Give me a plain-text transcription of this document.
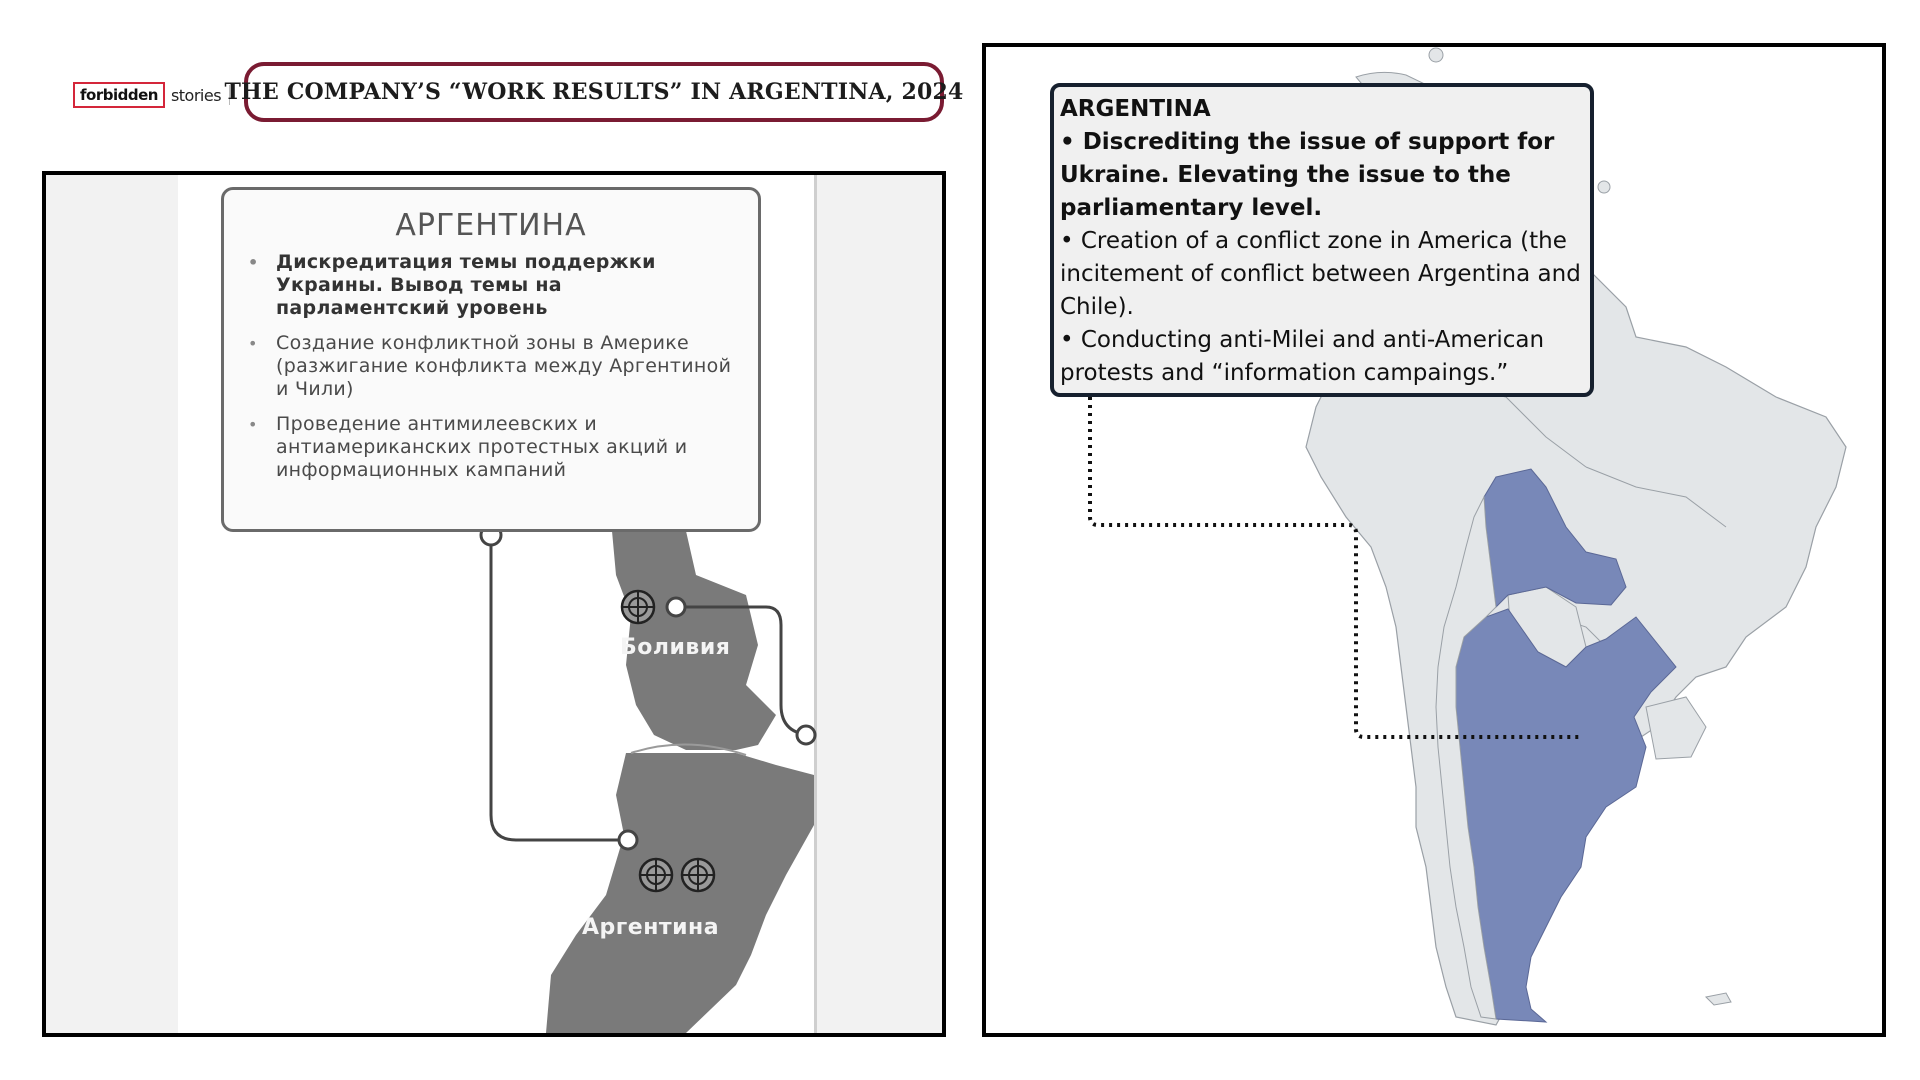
forbidden stories THE COMPANY’S “WORK RESULTS” IN ARGENTINA, 2024
АРГЕНТИНА
• Дискредитация темы поддержки Украины. Вывод темы на парламентский уровень
• Создание конфликтной зоны в Америке (разжигание конфликта между Аргентиной и Чили)
• Проведение антимилеевских и антиамериканских протестных акций и информационных кампаний
Боливия
Аргентина
ARGENTINA
• Discrediting the issue of support for Ukraine. Elevating the issue to the parliamentary level.
• Creation of a conflict zone in America (the incitement of conflict between Argentina and Chile).
• Conducting anti-Milei and anti-American protests and “information campaings.”
